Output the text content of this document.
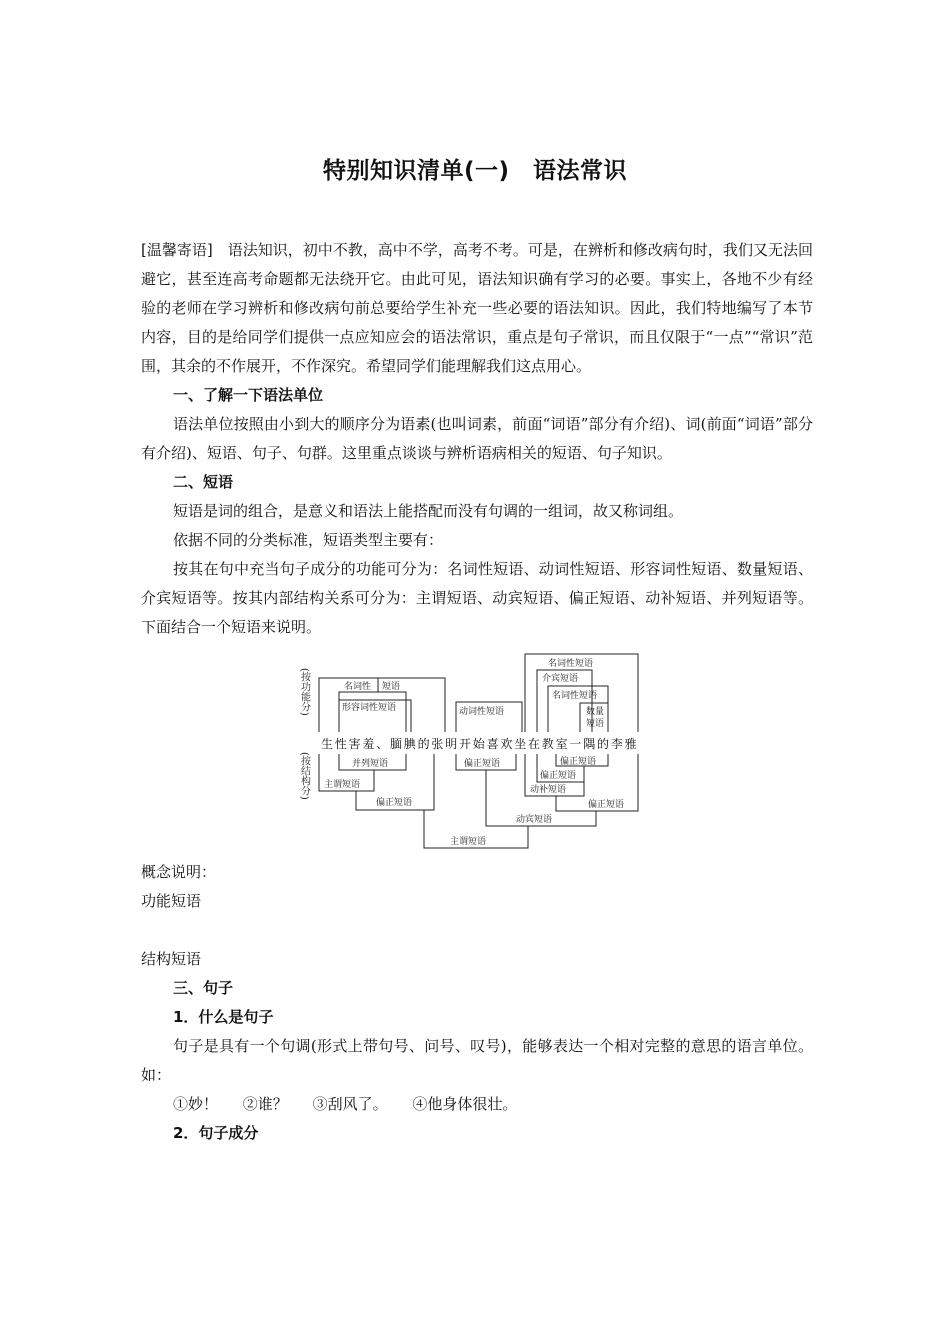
特别知识清单(一)　语法常识

[温馨寄语]　 语法知识，初中不教，高中不学，高考不考。可是，在辨析和修改病句时，我们又无法回避它，甚至连高考命题都无法绕开它。由此可见，语法知识确有学习的必要。事实上，各地不少有经验的老师在学习辨析和修改病句前总要给学生补充一些必要的语法知识。因此，我们特地编写了本节内容，目的是给同学们提供一点应知应会的语法常识，重点是句子常识，而且仅限于“一点”“常识”范围，其余的不作展开，不作深究。希望同学们能理解我们这点用心。

一、了解一下语法单位

语法单位按照由小到大的顺序分为语素(也叫词素，前面“词语”部分有介绍)、词(前面“词语”部分有介绍)、短语、句子、句群。这里重点谈谈与辨析语病相关的短语、句子知识。

二、短语

短语是词的组合，是意义和语法上能搭配而没有句调的一组词，故又称词组。

依据不同的分类标准，短语类型主要有：

按其在句中充当句子成分的功能可分为：名词性短语、动词性短语、形容词性短语、数量短语、介宾短语等。按其内部结构关系可分为：主谓短语、动宾短语、偏正短语、动补短语、并列短语等。下面结合一个短语来说明。

(按功能分)
(按结构分)
生 性 害 羞 、 腼 腆 的 张 明 开 始 喜 欢 坐 在 教 室 一 隅 的 李 雅
名词性 短语
形容词性短语	动词性短语
名词性短语
介宾短语
名词性短语
数量
短语
并列短语
主谓短语
偏正短语
偏正短语	偏正短语
偏正短语
动补短语
偏正短语
动宾短语
主谓短语

概念说明：

功能短语

结构短语

三、句子

1．什么是句子

句子是具有一个句调(形式上带句号、问号、叹号)，能够表达一个相对完整的意思的语言单位。如：

①妙！ ②谁？ ③刮风了。 ④他身体很壮。

2．句子成分
